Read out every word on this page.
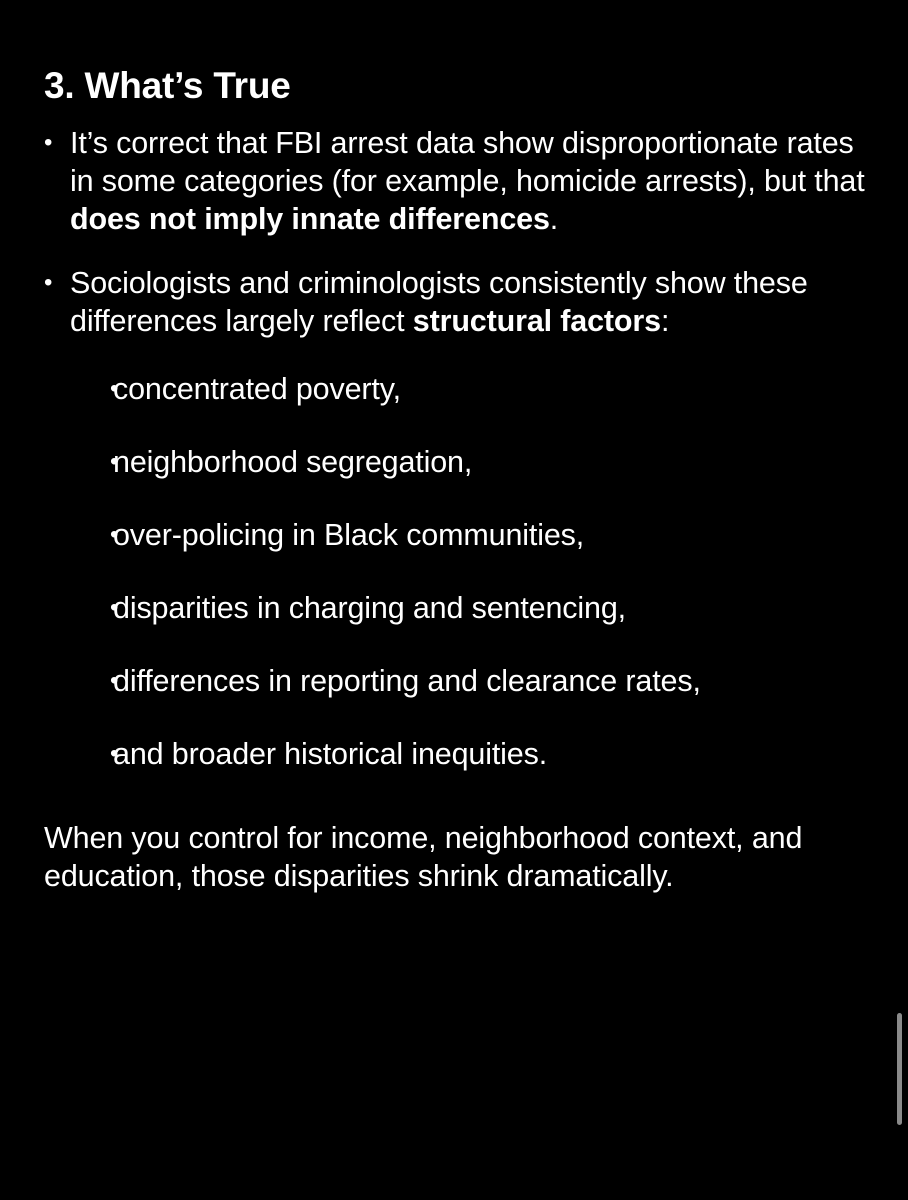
3. What’s True
• It’s correct that FBI arrest data show disproportionate rates in some categories (for example, homicide arrests), but that does not imply innate differences.
• Sociologists and criminologists consistently show these differences largely reflect structural factors:
• concentrated poverty,
• neighborhood segregation,
• over-policing in Black communities,
• disparities in charging and sentencing,
• differences in reporting and clearance rates,
• and broader historical inequities.
When you control for income, neighborhood context, and education, those disparities shrink dramatically.
